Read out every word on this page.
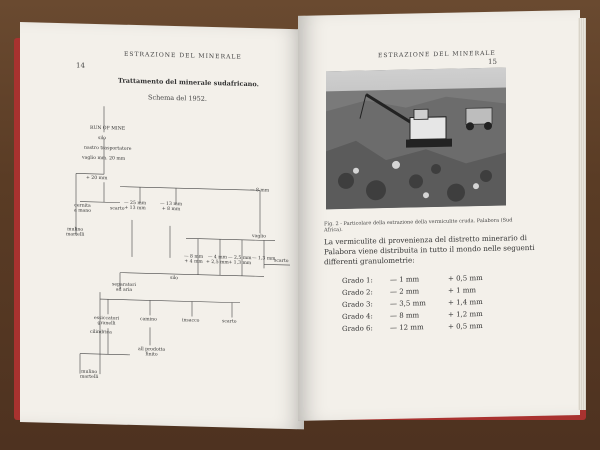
14
ESTRAZIONE DEL MINERALE
Trattamento del minerale sudafricano.
Schema del 1952.
RUN OF MINE
silo
nastro trasportatore
vaglio mm. 20 mm
+ 20 mm
cernita
a mano	scarto
mulino
martelli
— 25 mm
+ 13 mm
— 13 mm
+ 8 mm
— 8 mm
vaglio
— 8 mm
+ 4 mm
— 4 mm
+ 2,5 mm
— 2,5 mm
+ 1,3 mm
— 1,3 mm
scarto
silo
separatori
ad aria
essiccatori
granelli
camino	insacco	scarto
cilindrica
all prodotto
finito
mulino
martelli
ESTRAZIONE DEL MINERALE
15
Fig. 2 - Particolare della estrazione della vermiculite cruda. Palabora (Sud Africa).
La vermiculite di provenienza del distretto minerario di Palabora viene distribuita in tutto il mondo nelle seguenti differenti granulometrie:
Grado 1: — 1 mm	+ 0,5 mm
Grado 2: — 2 mm	+ 1 mm
Grado 3: — 3,5 mm	+ 1,4 mm
Grado 4: — 8 mm	+ 1,2 mm
Grado 6: — 12 mm	+ 0,5 mm
